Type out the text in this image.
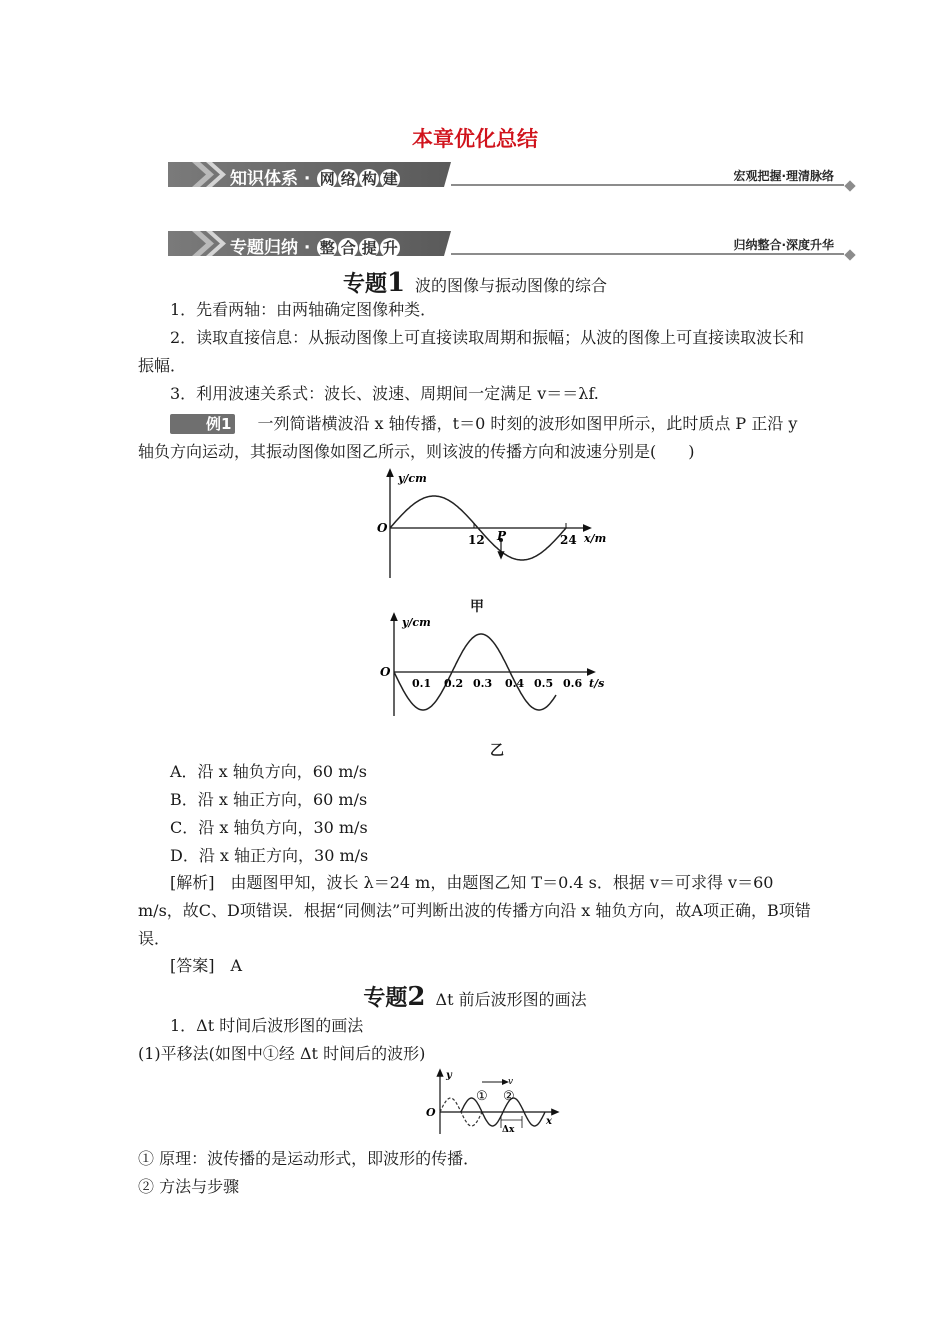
本章优化总结
知识体系 · 网 络 构 建	宏观把握·理清脉络
专题归纳 · 整 合 提 升	归纳整合·深度升华
专题1 波的图像与振动图像的综合
1．先看两轴：由两轴确定图像种类．
2．读取直接信息：从振动图像上可直接读取周期和振幅；从波的图像上可直接读取波长和振幅．
3．利用波速关系式：波长、波速、周期间一定满足 v＝＝λf.
例1 一列简谐横波沿 x 轴传播，t＝0 时刻的波形如图甲所示，此时质点 P 正沿 y 轴负方向运动，其振动图像如图乙所示，则该波的传播方向和波速分别是(　　)
y/cm
O
12	24 x/m
P
甲
y/cm
O
0.1 0.2 0.3 0.4 0.5 0.6 t/s
乙
A．沿 x 轴负方向，60 m/s
B．沿 x 轴正方向，60 m/s
C．沿 x 轴负方向，30 m/s
D．沿 x 轴正方向，30 m/s
[解析]　由题图甲知，波长 λ＝24 m，由题图乙知 T＝0.4 s．根据 v＝可求得 v＝60 m/s，故C、D项错误．根据“同侧法”可判断出波的传播方向沿 x 轴负方向，故A项正确，B项错误．
[答案]　A
专题2 Δt 前后波形图的画法
1．Δt 时间后波形图的画法
(1)平移法(如图中①经 Δt 时间后的波形)
y
O
x
v
① ②
Δx
① 原理：波传播的是运动形式，即波形的传播．
② 方法与步骤
